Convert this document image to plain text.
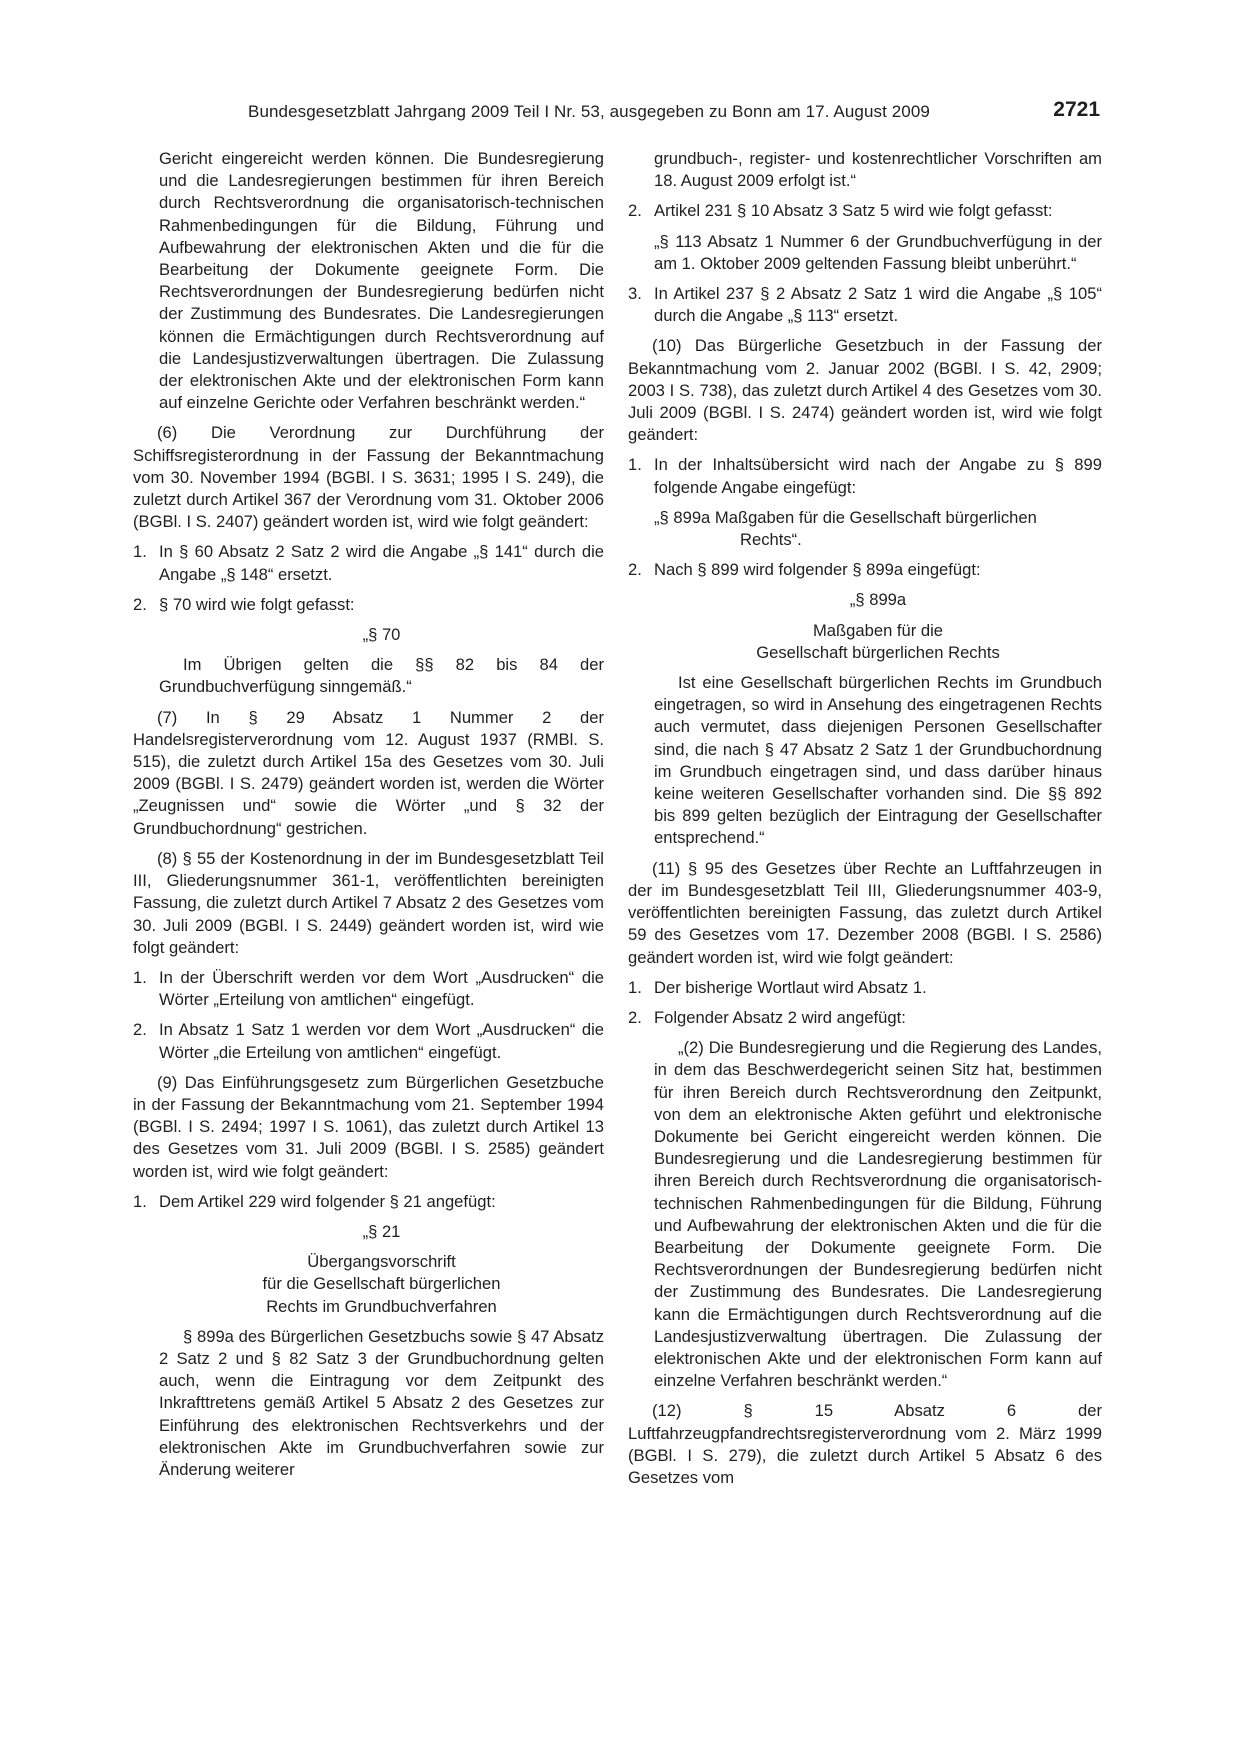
Bundesgesetzblatt Jahrgang 2009 Teil I Nr. 53, ausgegeben zu Bonn am 17. August 2009	2721

Gericht eingereicht werden können. Die Bundesregierung und die Landesregierungen bestimmen für ihren Bereich durch Rechtsverordnung die organisatorisch-technischen Rahmenbedingungen für die Bildung, Führung und Aufbewahrung der elektronischen Akten und die für die Bearbeitung der Dokumente geeignete Form. Die Rechtsverordnungen der Bundesregierung bedürfen nicht der Zustimmung des Bundesrates. Die Landesregierungen können die Ermächtigungen durch Rechtsverordnung auf die Landesjustizverwaltungen übertragen. Die Zulassung der elektronischen Akte und der elektronischen Form kann auf einzelne Gerichte oder Verfahren beschränkt werden.“

(6) Die Verordnung zur Durchführung der Schiffsregisterordnung in der Fassung der Bekanntmachung vom 30. November 1994 (BGBl. I S. 3631; 1995 I S. 249), die zuletzt durch Artikel 367 der Verordnung vom 31. Oktober 2006 (BGBl. I S. 2407) geändert worden ist, wird wie folgt geändert:

1. In § 60 Absatz 2 Satz 2 wird die Angabe „§ 141“ durch die Angabe „§ 148“ ersetzt.
2. § 70 wird wie folgt gefasst:

„§ 70

Im Übrigen gelten die §§ 82 bis 84 der Grundbuchverfügung sinngemäß.“

(7) In § 29 Absatz 1 Nummer 2 der Handelsregisterverordnung vom 12. August 1937 (RMBl. S. 515), die zuletzt durch Artikel 15a des Gesetzes vom 30. Juli 2009 (BGBl. I S. 2479) geändert worden ist, werden die Wörter „Zeugnissen und“ sowie die Wörter „und § 32 der Grundbuchordnung“ gestrichen.

(8) § 55 der Kostenordnung in der im Bundesgesetzblatt Teil III, Gliederungsnummer 361-1, veröffentlichten bereinigten Fassung, die zuletzt durch Artikel 7 Absatz 2 des Gesetzes vom 30. Juli 2009 (BGBl. I S. 2449) geändert worden ist, wird wie folgt geändert:

1. In der Überschrift werden vor dem Wort „Ausdrucken“ die Wörter „Erteilung von amtlichen“ eingefügt.
2. In Absatz 1 Satz 1 werden vor dem Wort „Ausdrucken“ die Wörter „die Erteilung von amtlichen“ eingefügt.

(9) Das Einführungsgesetz zum Bürgerlichen Gesetzbuche in der Fassung der Bekanntmachung vom 21. September 1994 (BGBl. I S. 2494; 1997 I S. 1061), das zuletzt durch Artikel 13 des Gesetzes vom 31. Juli 2009 (BGBl. I S. 2585) geändert worden ist, wird wie folgt geändert:

1. Dem Artikel 229 wird folgender § 21 angefügt:

„§ 21

Übergangsvorschrift

für die Gesellschaft bürgerlichen

Rechts im Grundbuchverfahren

§ 899a des Bürgerlichen Gesetzbuchs sowie § 47 Absatz 2 Satz 2 und § 82 Satz 3 der Grundbuchordnung gelten auch, wenn die Eintragung vor dem Zeitpunkt des Inkrafttretens gemäß Artikel 5 Absatz 2 des Gesetzes zur Einführung des elektronischen Rechtsverkehrs und der elektronischen Akte im Grundbuchverfahren sowie zur Änderung weiterer

grundbuch-, register- und kostenrechtlicher Vorschriften am 18. August 2009 erfolgt ist.“

2. Artikel 231 § 10 Absatz 3 Satz 5 wird wie folgt gefasst:

„§ 113 Absatz 1 Nummer 6 der Grundbuchverfügung in der am 1. Oktober 2009 geltenden Fassung bleibt unberührt.“

3. In Artikel 237 § 2 Absatz 2 Satz 1 wird die Angabe „§ 105“ durch die Angabe „§ 113“ ersetzt.

(10) Das Bürgerliche Gesetzbuch in der Fassung der Bekanntmachung vom 2. Januar 2002 (BGBl. I S. 42, 2909; 2003 I S. 738), das zuletzt durch Artikel 4 des Gesetzes vom 30. Juli 2009 (BGBl. I S. 2474) geändert worden ist, wird wie folgt geändert:

1. In der Inhaltsübersicht wird nach der Angabe zu § 899 folgende Angabe eingefügt:

„§ 899a Maßgaben für die Gesellschaft bürgerlichen Rechts“.

2. Nach § 899 wird folgender § 899a eingefügt:

„§ 899a

Maßgaben für die

Gesellschaft bürgerlichen Rechts

Ist eine Gesellschaft bürgerlichen Rechts im Grundbuch eingetragen, so wird in Ansehung des eingetragenen Rechts auch vermutet, dass diejenigen Personen Gesellschafter sind, die nach § 47 Absatz 2 Satz 1 der Grundbuchordnung im Grundbuch eingetragen sind, und dass darüber hinaus keine weiteren Gesellschafter vorhanden sind. Die §§ 892 bis 899 gelten bezüglich der Eintragung der Gesellschafter entsprechend.“

(11) § 95 des Gesetzes über Rechte an Luftfahrzeugen in der im Bundesgesetzblatt Teil III, Gliederungsnummer 403-9, veröffentlichten bereinigten Fassung, das zuletzt durch Artikel 59 des Gesetzes vom 17. Dezember 2008 (BGBl. I S. 2586) geändert worden ist, wird wie folgt geändert:

1. Der bisherige Wortlaut wird Absatz 1.
2. Folgender Absatz 2 wird angefügt:

„(2) Die Bundesregierung und die Regierung des Landes, in dem das Beschwerdegericht seinen Sitz hat, bestimmen für ihren Bereich durch Rechtsverordnung den Zeitpunkt, von dem an elektronische Akten geführt und elektronische Dokumente bei Gericht eingereicht werden können. Die Bundesregierung und die Landesregierung bestimmen für ihren Bereich durch Rechtsverordnung die organisatorisch-technischen Rahmenbedingungen für die Bildung, Führung und Aufbewahrung der elektronischen Akten und die für die Bearbeitung der Dokumente geeignete Form. Die Rechtsverordnungen der Bundesregierung bedürfen nicht der Zustimmung des Bundesrates. Die Landesregierung kann die Ermächtigungen durch Rechtsverordnung auf die Landesjustizverwaltung übertragen. Die Zulassung der elektronischen Akte und der elektronischen Form kann auf einzelne Verfahren beschränkt werden.“

(12) § 15 Absatz 6 der Luftfahrzeugpfandrechtsregisterverordnung vom 2. März 1999 (BGBl. I S. 279), die zuletzt durch Artikel 5 Absatz 6 des Gesetzes vom
